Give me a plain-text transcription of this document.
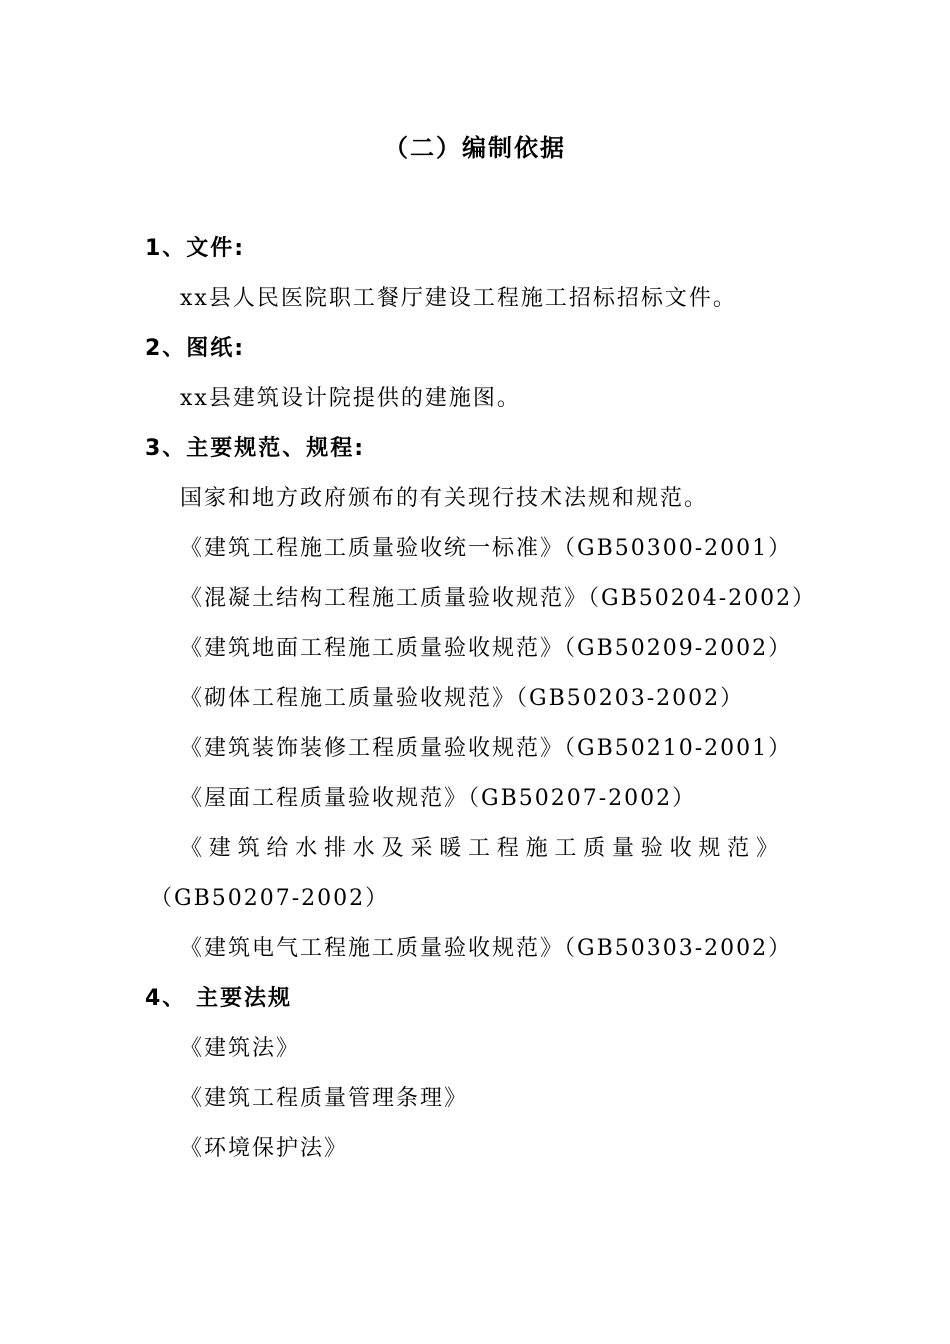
（二）编制依据
1、文件:
xx县人民医院职工餐厅建设工程施工招标招标文件。
2、图纸:
xx县建筑设计院提供的建施图。
3、主要规范、规程:
国家和地方政府颁布的有关现行技术法规和规范。
《建筑工程施工质量验收统一标准》（GB50300-2001）
《混凝土结构工程施工质量验收规范》（GB50204-2002）
《建筑地面工程施工质量验收规范》（GB50209-2002）
《砌体工程施工质量验收规范》（GB50203-2002）
《建筑装饰装修工程质量验收规范》（GB50210-2001）
《屋面工程质量验收规范》（GB50207-2002）
《建筑给水排水及采暖工程施工质量验收规范》
（GB50207-2002）
《建筑电气工程施工质量验收规范》（GB50303-2002）
4、 主要法规
《建筑法》
《建筑工程质量管理条理》
《环境保护法》
